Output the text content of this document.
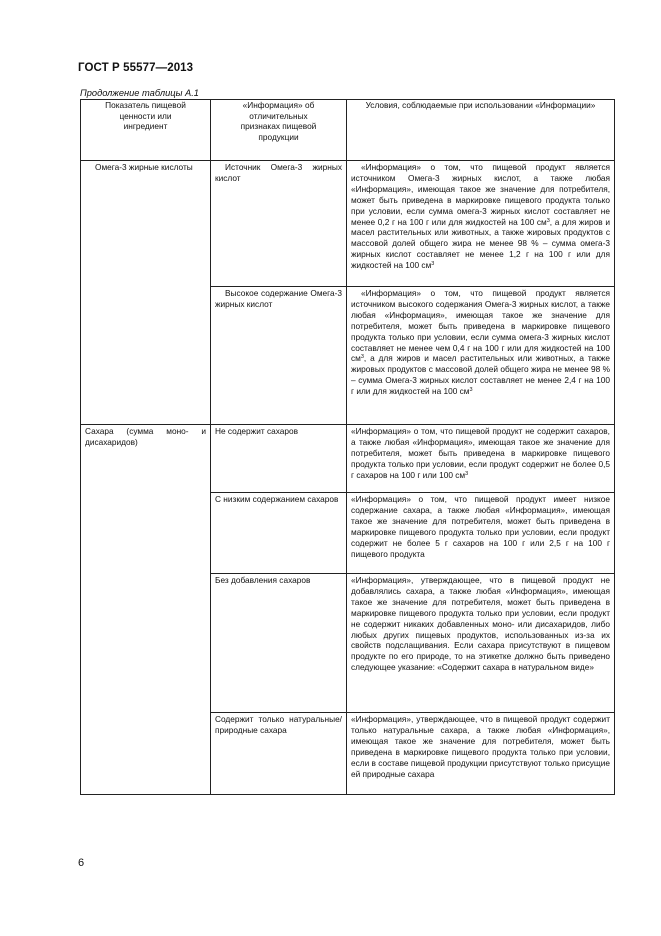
ГОСТ Р 55577—2013
Продолжение таблицы А.1
Показатель пищевой ценности или ингредиент	«Информация» об отличительных признаках пищевой продукции	Условия, соблюдаемые при использовании «Информации»
Омега-3 жирные кислоты	Источник Омега-3 жирных кислот	«Информация» о том, что пищевой продукт является источником Омега-3 жирных кислот, а также любая «Информация», имеющая такое же значение для потребителя, может быть приведена в маркировке пищевого продукта только при условии, если сумма омега-3 жирных кислот составляет не менее 0,2 г на 100 г или для жидкостей на 100 $см^3$, а для жиров и масел растительных или животных, а также жировых продуктов с массовой долей общего жира не менее 98 % – сумма омега-3 жирных кислот составляет не менее 1,2 г на 100 г или для жидкостей на 100 $см^3$
	Высокое содержание Омега-3 жирных кислот	«Информация» о том, что пищевой продукт является источником высокого содержания Омега-3 жирных кислот, а также любая «Информация», имеющая такое же значение для потребителя, может быть приведена в маркировке пищевого продукта только при условии, если сумма омега-3 жирных кислот составляет не менее чем 0,4 г на 100 г или для жидкостей на 100 $см^3$, а для жиров и масел растительных или животных, а также жировых продуктов с массовой долей общего жира не менее 98 % – сумма Омега-3 жирных кислот составляет не менее 2,4 г на 100 г или для жидкостей на 100 $см^3$
Сахара (сумма моно- и дисахаридов)	Не содержит сахаров	«Информация» о том, что пищевой продукт не содержит сахаров, а также любая «Информация», имеющая такое же значение для потребителя, может быть приведена в маркировке пищевого продукта только при условии, если продукт содержит не более 0,5 г сахаров на 100 г или 100 $см^3$
	С низким содержанием сахаров	«Информация» о том, что пищевой продукт имеет низкое содержание сахара, а также любая «Информация», имеющая такое же значение для потребителя, может быть приведена в маркировке пищевого продукта только при условии, если продукт содержит не более 5 г сахаров на 100 г или 2,5 г на 100 г пищевого продукта
	Без добавления сахаров	«Информация», утверждающее, что в пищевой продукт не добавлялись сахара, а также любая «Информация», имеющая такое же значение для потребителя, может быть приведена в маркировке пищевого продукта только при условии, если продукт не содержит никаких добавленных моно- или дисахаридов, либо любых других пищевых продуктов, использованных из-за их свойств подслащивания. Если сахара присутствуют в пищевом продукте по его природе, то на этикетке должно быть приведено следующее указание: «Содержит сахара в натуральном виде»
	Содержит только натуральные/природные сахара	«Информация», утверждающее, что в пищевой продукт содержит только натуральные сахара, а также любая «Информация», имеющая такое же значение для потребителя, может быть приведена в маркировке пищевого продукта только при условии, если в составе пищевой продукции присутствуют только присущие ей природные сахара
6
